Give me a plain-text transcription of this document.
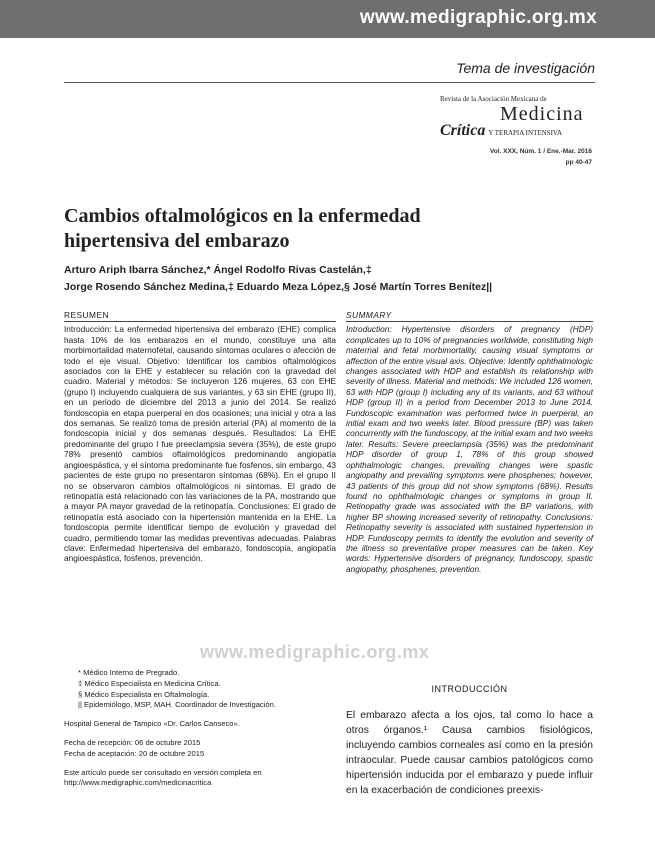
www.medigraphic.org.mx
Tema de investigación
Revista de la Asociación Mexicana de
Medicina
Crítica Y TERAPIA INTENSIVA
Vol. XXX, Núm. 1 / Ene.-Mar. 2016
pp 40-47
Cambios oftalmológicos en la enfermedad hipertensiva del embarazo
Arturo Ariph Ibarra Sánchez,* Ángel Rodolfo Rivas Castelán,‡
Jorge Rosendo Sánchez Medina,‡ Eduardo Meza López,§ José Martín Torres Benítez||
RESUMEN

Introducción: La enfermedad hipertensiva del embarazo (EHE) complica hasta 10% de los embarazos en el mundo, constituye una alta morbimortalidad maternofetal, causando síntomas oculares o afección de todo el eje visual. Objetivo: Identificar los cambios oftalmológicos asociados con la EHE y establecer su relación con la gravedad del cuadro. Material y métodos: Se incluyeron 126 mujeres, 63 con EHE (grupo I) incluyendo cualquiera de sus variantes, y 63 sin EHE (grupo II), en un periodo de diciembre del 2013 a junio del 2014. Se realizó fondoscopia en etapa puerperal en dos ocasiones; una inicial y otra a las dos semanas. Se realizó toma de presión arterial (PA) al momento de la fondoscopia inicial y dos semanas después. Resultados: La EHE predominante del grupo I fue preeclampsia severa (35%), de este grupo 78% presentó cambios oftalmológicos predominando angiopatía angioespástica, y el síntoma predominante fue fosfenos, sin embargo, 43 pacientes de este grupo no presentaron síntomas (68%). En el grupo II no se observaron cambios oftalmológicos ni síntomas. El grado de retinopatía está relacionado con las variaciones de la PA, mostrando que a mayor PA mayor gravedad de la retinopatía. Conclusiones: El grado de retinopatía está asociado con la hipertensión mantenida en la EHE. La fondoscopia permite identificar tiempo de evolución y gravedad del cuadro, permitiendo tomar las medidas preventivas adecuadas. Palabras clave: Enfermedad hipertensiva del embarazo, fondoscopia, angiopatía angioespástica, fosfenos, prevención.

SUMMARY

Introduction: Hypertensive disorders of pregnancy (HDP) complicates up to 10% of pregnancies worldwide, constituting high maternal and fetal morbimortality, causing visual symptoms or affection of the entire visual axis. Objective: Identify ophthalmologic changes associated with HDP and establish its relationship with severity of illness. Material and methods: We included 126 women, 63 with HDP (group I) including any of its variants, and 63 without HDP (group II) in a period from December 2013 to June 2014. Fundoscopic examination was performed twice in puerperal, an initial exam and two weeks later. Blood pressure (BP) was taken concurrently with the fundoscopy, at the initial exam and two weeks later. Results: Severe preeclampsia (35%) was the predominant HDP disorder of group 1, 78% of this group showed ophthalmologic changes, prevailing changes were spastic angiopathy and prevailing symptoms were phosphenes; however, 43 patients of this group did not show symptoms (68%). Results found no ophthalmologic changes or symptoms in group II. Retinopathy grade was associated with the BP variations, with higher BP showing increased severity of retinopathy. Conclusions: Retinopathy severity is associated with sustained hypertension in HDP. Fundoscopy permits to identify the evolution and severity of the illness so preventative proper measures can be taken. Key words: Hypertensive disorders of pregnancy, fundoscopy, spastic angiopathy, phosphenes, prevention.

www.medigraphic.org.mx
* Médico Interno de Pregrado.
‡ Médico Especialista en Medicina Crítica.
§ Médico Especialista en Oftalmología.
|| Epidemiólogo, MSP, MAH. Coordinador de Investigación.
Hospital General de Tampico «Dr. Carlos Canseco».
Fecha de recepción: 06 de octubre 2015
Fecha de aceptación: 20 de octubre 2015
Este artículo puede ser consultado en versión completa en http://www.medigraphic.com/medicinacritica
INTRODUCCIÓN

El embarazo afecta a los ojos, tal como lo hace a otros órganos.¹ Causa cambios fisiológicos, incluyendo cambios corneales así como en la presión intraocular. Puede causar cambios patológicos como hipertensión inducida por el embarazo y puede influir en la exacerbación de condiciones preexis-
